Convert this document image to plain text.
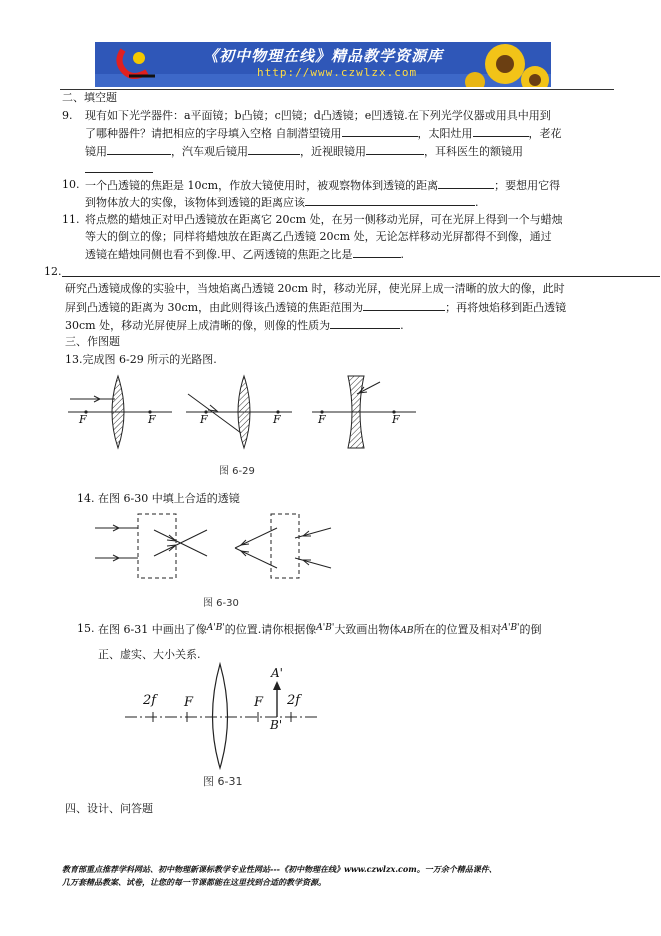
《初中物理在线》精品教学资源库
http://www.czwlzx.com
二、填空题
9. 现有如下光学器件：a平面镜；b凸镜；c凹镜；d凸透镜；e凹透镜.在下列光学仪器或用具中用到
了哪种器件？请把相应的字母填入空格 自制潜望镜用	，太阳灶用	，老花
镜用	，汽车观后镜用	，近视眼镜用	，耳科医生的额镜用
10. 一个凸透镜的焦距是 10cm，作放大镜使用时，被观察物体到透镜的距离	；要想用它得
到物体放大的实像，该物体到透镜的距离应该	.
11. 将点燃的蜡烛正对甲凸透镜放在距离它 20cm 处，在另一侧移动光屏，可在光屏上得到一个与蜡烛
等大的倒立的像；同样将蜡烛放在距离乙凸透镜 20cm 处，无论怎样移动光屏都得不到像，通过
透镜在蜡烛同侧也看不到像.甲、乙两透镜的焦距之比是	.
12.
研究凸透镜成像的实验中，当烛焰离凸透镜 20cm 时，移动光屏，使光屏上成一清晰的放大的像，此时
屏到凸透镜的距离为 30cm，由此则得该凸透镜的焦距范围为	；再将烛焰移到距凸透镜
30cm 处，移动光屏使屏上成清晰的像，则像的性质为	.
三、作图题
13.完成图 6-29 所示的光路图.
F	F	F	F	F	F
图 6-29
14. 在图 6-30 中填上合适的透镜
图 6-30
15. 在图 6-31 中画出了像$^{A'B'}$的位置.请你根据像$^{A'B'}$大致画出物体AB所在的位置及相对$^{A'B'}$的倒
正、虚实、大小关系.
2f F	F 2f
A'
B'
图 6-31
四、设计、问答题
教育部重点推荐学科网站、初中物理新课标教学专业性网站---《初中物理在线》www.czwlzx.com。一万余个精品课件、
几万套精品教案、试卷，让您的每一节课都能在这里找到合适的教学资源。
